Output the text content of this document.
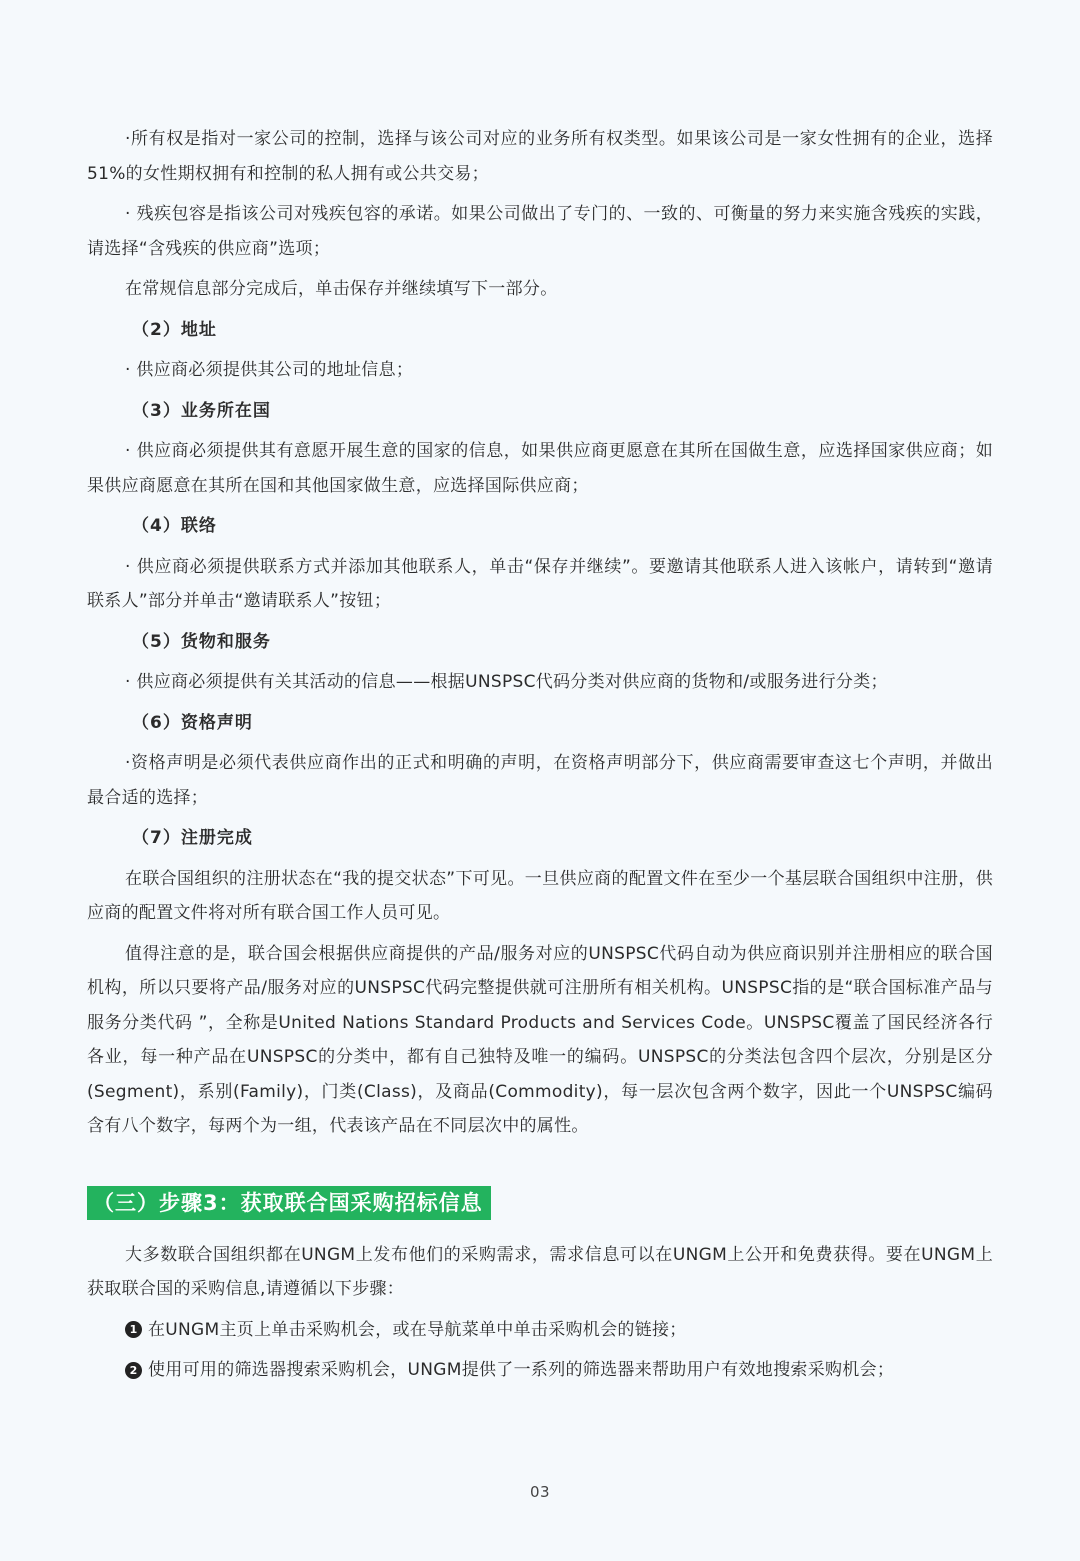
·所有权是指对一家公司的控制，选择与该公司对应的业务所有权类型。如果该公司是一家女性拥有的企业，选择51%的女性期权拥有和控制的私人拥有或公共交易；

· 残疾包容是指该公司对残疾包容的承诺。如果公司做出了专门的、一致的、可衡量的努力来实施含残疾的实践，请选择“含残疾的供应商”选项；

在常规信息部分完成后，单击保存并继续填写下一部分。

（2）地址

· 供应商必须提供其公司的地址信息；

（3）业务所在国

· 供应商必须提供其有意愿开展生意的国家的信息，如果供应商更愿意在其所在国做生意，应选择国家供应商；如果供应商愿意在其所在国和其他国家做生意，应选择国际供应商；

（4）联络

· 供应商必须提供联系方式并添加其他联系人，单击“保存并继续”。要邀请其他联系人进入该帐户，请转到“邀请联系人”部分并单击“邀请联系人”按钮；

（5）货物和服务

· 供应商必须提供有关其活动的信息——根据UNSPSC代码分类对供应商的货物和/或服务进行分类；

（6）资格声明

·资格声明是必须代表供应商作出的正式和明确的声明，在资格声明部分下，供应商需要审查这七个声明，并做出最合适的选择；

（7）注册完成

在联合国组织的注册状态在“我的提交状态”下可见。一旦供应商的配置文件在至少一个基层联合国组织中注册，供应商的配置文件将对所有联合国工作人员可见。

值得注意的是，联合国会根据供应商提供的产品/服务对应的UNSPSC代码自动为供应商识别并注册相应的联合国机构，所以只要将产品/服务对应的UNSPSC代码完整提供就可注册所有相关机构。UNSPSC指的是“联合国标准产品与服务分类代码 ”，全称是United Nations Standard Products and Services Code。UNSPSC覆盖了国民经济各行各业，每一种产品在UNSPSC的分类中，都有自己独特及唯一的编码。UNSPSC的分类法包含四个层次，分别是区分(Segment)，系别(Family)，门类(Class)，及商品(Commodity)，每一层次包含两个数字，因此一个UNSPSC编码含有八个数字，每两个为一组，代表该产品在不同层次中的属性。

（三）步骤3：获取联合国采购招标信息

大多数联合国组织都在UNGM上发布他们的采购需求，需求信息可以在UNGM上公开和免费获得。要在UNGM上获取联合国的采购信息,请遵循以下步骤：

1 在UNGM主页上单击采购机会，或在导航菜单中单击采购机会的链接；
2 使用可用的筛选器搜索采购机会，UNGM提供了一系列的筛选器来帮助用户有效地搜索采购机会；
03
